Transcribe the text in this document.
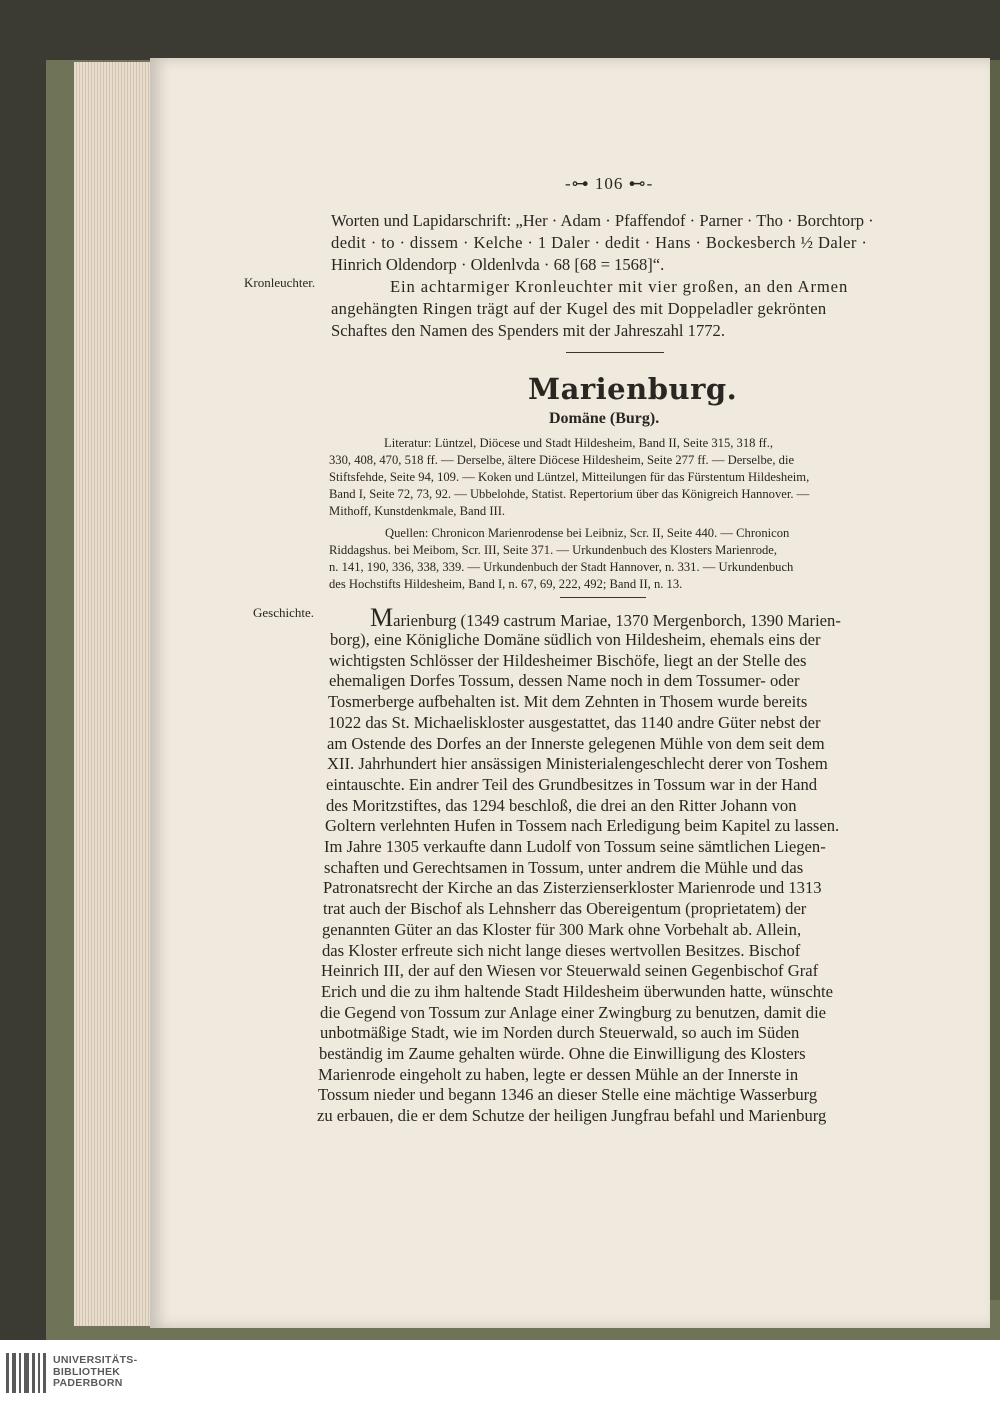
-⊶ 106 ⊷-
Worten und Lapidarschrift: „Her · Adam · Pfaffendof · Parner · Tho · Borchtorp ·
dedit · to · dissem · Kelche · 1 Daler · dedit · Hans · Bockesberch ½ Daler ·
Hinrich Oldendorp · Oldenlvda · 68 [68 = 1568]“.
Kronleuchter.	Ein achtarmiger Kronleuchter mit vier großen, an den Armen
angehängten Ringen trägt auf der Kugel des mit Doppeladler gekrönten
Schaftes den Namen des Spenders mit der Jahreszahl 1772.
Marienburg.
Domäne (Burg).
Literatur: Lüntzel, Diöcese und Stadt Hildesheim, Band II, Seite 315, 318 ff.,
330, 408, 470, 518 ff. — Derselbe, ältere Diöcese Hildesheim, Seite 277 ff. — Derselbe, die
Stiftsfehde, Seite 94, 109. — Koken und Lüntzel, Mitteilungen für das Fürstentum Hildesheim,
Band I, Seite 72, 73, 92. — Ubbelohde, Statist. Repertorium über das Königreich Hannover. —
Mithoff, Kunstdenkmale, Band III.
Quellen: Chronicon Marienrodense bei Leibniz, Scr. II, Seite 440. — Chronicon
Riddagshus. bei Meibom, Scr. III, Seite 371. — Urkundenbuch des Klosters Marienrode,
n. 141, 190, 336, 338, 339. — Urkundenbuch der Stadt Hannover, n. 331. — Urkundenbuch
des Hochstifts Hildesheim, Band I, n. 67, 69, 222, 492; Band II, n. 13.
Geschichte. Marienburg (1349 castrum Mariae, 1370 Mergenborch, 1390 Marien-
borg), eine Königliche Domäne südlich von Hildesheim, ehemals eins der
wichtigsten Schlösser der Hildesheimer Bischöfe, liegt an der Stelle des
ehemaligen Dorfes Tossum, dessen Name noch in dem Tossumer- oder
Tosmerberge aufbehalten ist. Mit dem Zehnten in Thosem wurde bereits
1022 das St. Michaeliskloster ausgestattet, das 1140 andre Güter nebst der
am Ostende des Dorfes an der Innerste gelegenen Mühle von dem seit dem
XII. Jahrhundert hier ansässigen Ministerialengeschlecht derer von Toshem
eintauschte. Ein andrer Teil des Grundbesitzes in Tossum war in der Hand
des Moritzstiftes, das 1294 beschloß, die drei an den Ritter Johann von
Goltern verlehnten Hufen in Tossem nach Erledigung beim Kapitel zu lassen.
Im Jahre 1305 verkaufte dann Ludolf von Tossum seine sämtlichen Liegen-
schaften und Gerechtsamen in Tossum, unter andrem die Mühle und das
Patronatsrecht der Kirche an das Zisterzienserkloster Marienrode und 1313
trat auch der Bischof als Lehnsherr das Obereigentum (proprietatem) der
genannten Güter an das Kloster für 300 Mark ohne Vorbehalt ab. Allein,
das Kloster erfreute sich nicht lange dieses wertvollen Besitzes. Bischof
Heinrich III, der auf den Wiesen vor Steuerwald seinen Gegenbischof Graf
Erich und die zu ihm haltende Stadt Hildesheim überwunden hatte, wünschte
die Gegend von Tossum zur Anlage einer Zwingburg zu benutzen, damit die
unbotmäßige Stadt, wie im Norden durch Steuerwald, so auch im Süden
beständig im Zaume gehalten würde. Ohne die Einwilligung des Klosters
Marienrode eingeholt zu haben, legte er dessen Mühle an der Innerste in
Tossum nieder und begann 1346 an dieser Stelle eine mächtige Wasserburg
zu erbauen, die er dem Schutze der heiligen Jungfrau befahl und Marienburg
UNIVERSITÄTS-
BIBLIOTHEK
PADERBORN
